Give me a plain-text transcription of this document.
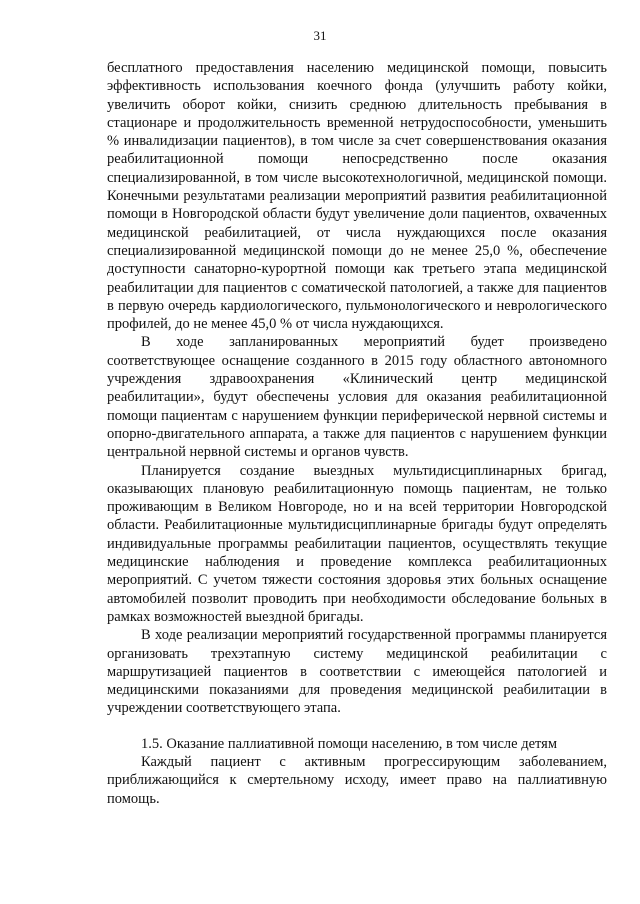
31

бесплатного предоставления населению медицинской помощи, повысить эффективность использования коечного фонда (улучшить работу койки, увеличить оборот койки, снизить среднюю длительность пребывания в стационаре и продолжительность временной нетрудоспособности, уменьшить % инвалидизации пациентов), в том числе за счет совершенствования оказания реабилитационной помощи непосредственно после оказания специализированной, в том числе высокотехнологичной, медицинской помощи. Конечными результатами реализации мероприятий развития реабилитационной помощи в Новгородской области будут увеличение доли пациентов, охваченных медицинской реабилитацией, от числа нуждающихся после оказания специализированной медицинской помощи до не менее 25,0 %, обеспечение доступности санаторно-курортной помощи как третьего этапа медицинской реабилитации для пациентов с соматической патологией, а также для пациентов в первую очередь кардиологического, пульмонологического и неврологического профилей, до не менее 45,0 % от числа нуждающихся.

В ходе запланированных мероприятий будет произведено соответствующее оснащение созданного в 2015 году областного автономного учреждения здравоохранения «Клинический центр медицинской реабилитации», будут обеспечены условия для оказания реабилитационной помощи пациентам с нарушением функции периферической нервной системы и опорно-двигательного аппарата, а также для пациентов с нарушением функции центральной нервной системы и органов чувств.

Планируется создание выездных мультидисциплинарных бригад, оказывающих плановую реабилитационную помощь пациентам, не только проживающим в Великом Новгороде, но и на всей территории Новгородской области. Реабилитационные мультидисциплинарные бригады будут определять индивидуальные программы реабилитации пациентов, осуществлять текущие медицинские наблюдения и проведение комплекса реабилитационных мероприятий. С учетом тяжести состояния здоровья этих больных оснащение автомобилей позволит проводить при необходимости обследование больных в рамках возможностей выездной бригады.

В ходе реализации мероприятий государственной программы планируется организовать трехэтапную систему медицинской реабилитации с маршрутизацией пациентов в соответствии с имеющейся патологией и медицинскими показаниями для проведения медицинской реабилитации в учреждении соответствующего этапа.

1.5. Оказание паллиативной помощи населению, в том числе детям

Каждый пациент с активным прогрессирующим заболеванием, приближающийся к смертельному исходу, имеет право на паллиативную помощь.
